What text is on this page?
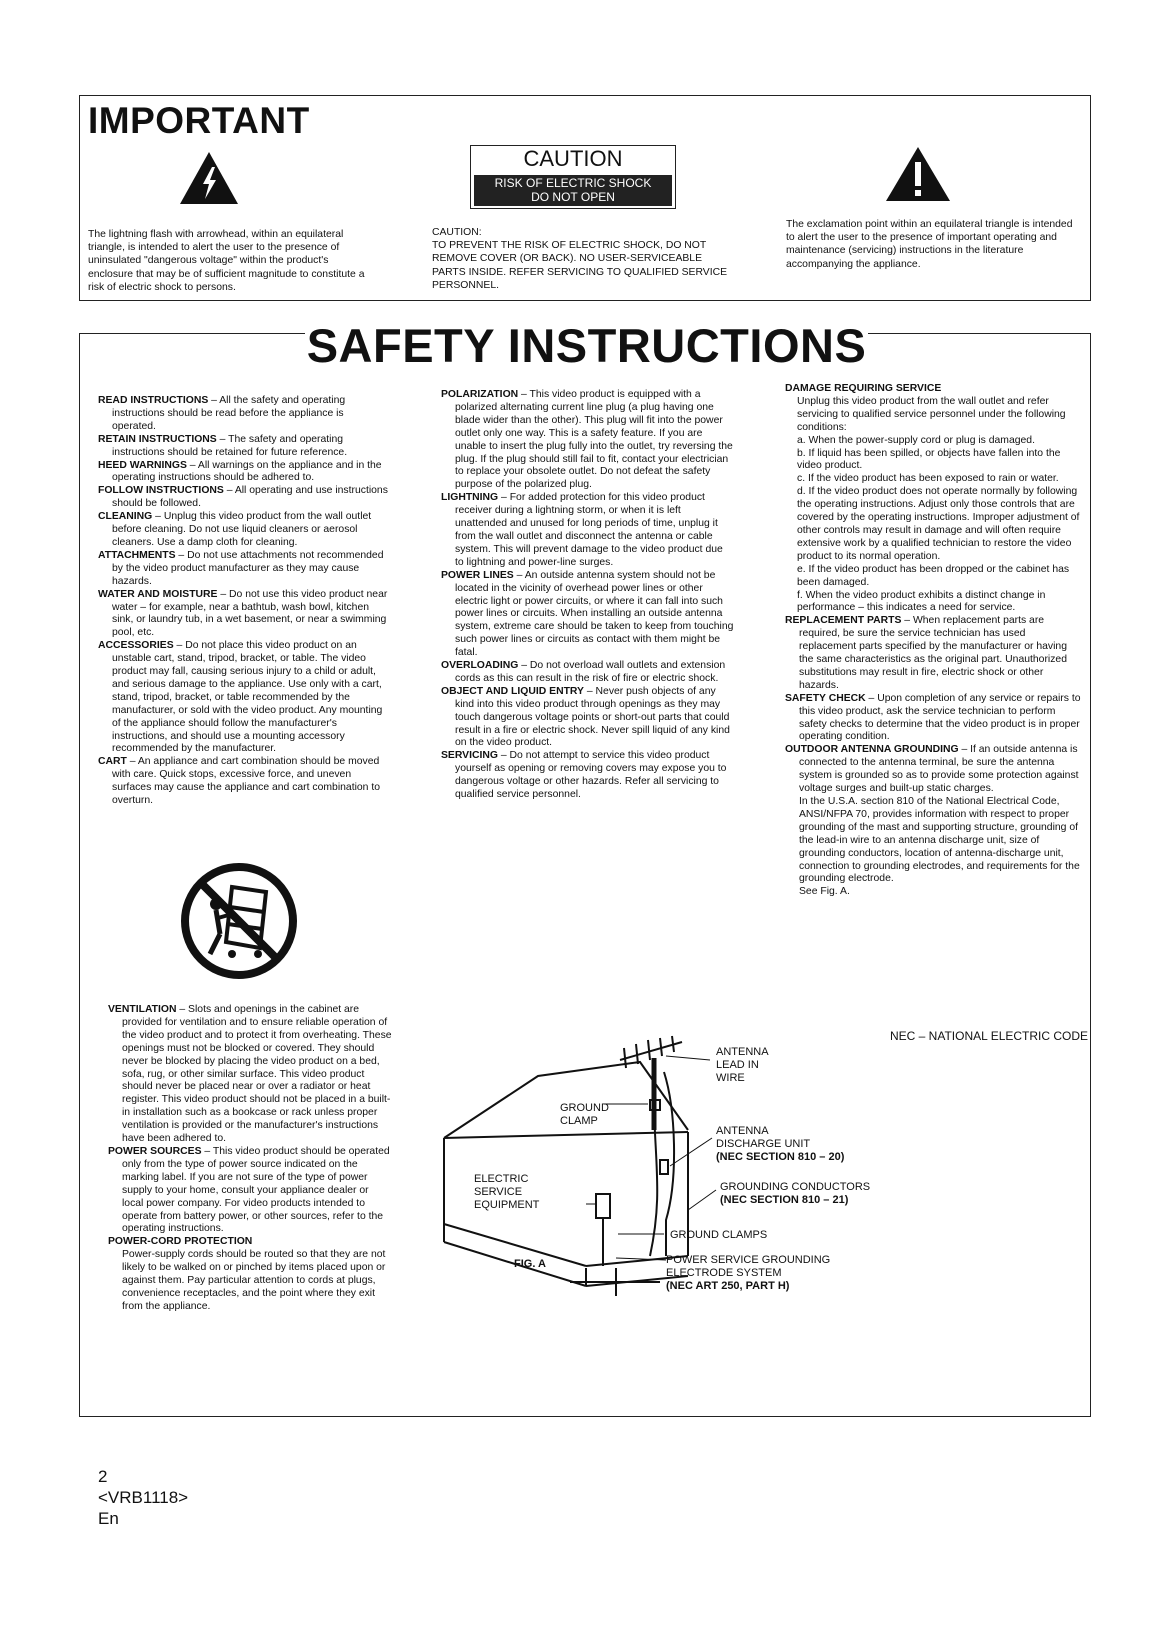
IMPORTANT
The lightning flash with arrowhead, within an equilateral triangle, is intended to alert the user to the presence of uninsulated "dangerous voltage" within the product's enclosure that may be of sufficient magnitude to constitute a risk of electric shock to persons.
CAUTION
RISK OF ELECTRIC SHOCK
DO NOT OPEN
CAUTION:
TO PREVENT THE RISK OF ELECTRIC SHOCK, DO NOT REMOVE COVER (OR BACK). NO USER-SERVICEABLE PARTS INSIDE. REFER SERVICING TO QUALIFIED SERVICE PERSONNEL.
The exclamation point within an equilateral triangle is intended to alert the user to the presence of important operating and maintenance (servicing) instructions in the literature accompanying the appliance.
SAFETY INSTRUCTIONS

READ INSTRUCTIONS – All the safety and operating instructions should be read before the appliance is operated.

RETAIN INSTRUCTIONS – The safety and operating instructions should be retained for future reference.

HEED WARNINGS – All warnings on the appliance and in the operating instructions should be adhered to.

FOLLOW INSTRUCTIONS – All operating and use instructions should be followed.

CLEANING – Unplug this video product from the wall outlet before cleaning. Do not use liquid cleaners or aerosol cleaners. Use a damp cloth for cleaning.

ATTACHMENTS – Do not use attachments not recommended by the video product manufacturer as they may cause hazards.

WATER AND MOISTURE – Do not use this video product near water – for example, near a bathtub, wash bowl, kitchen sink, or laundry tub, in a wet basement, or near a swimming pool, etc.

ACCESSORIES – Do not place this video product on an unstable cart, stand, tripod, bracket, or table. The video product may fall, causing serious injury to a child or adult, and serious damage to the appliance. Use only with a cart, stand, tripod, bracket, or table recommended by the manufacturer, or sold with the video product. Any mounting of the appliance should follow the manufacturer's instructions, and should use a mounting accessory recommended by the manufacturer.

CART – An appliance and cart combination should be moved with care. Quick stops, excessive force, and uneven surfaces may cause the appliance and cart combination to overturn.

VENTILATION – Slots and openings in the cabinet are provided for ventilation and to ensure reliable operation of the video product and to protect it from overheating. These openings must not be blocked or covered. They should never be blocked by placing the video product on a bed, sofa, rug, or other similar surface. This video product should never be placed near or over a radiator or heat register. This video product should not be placed in a built-in installation such as a bookcase or rack unless proper ventilation is provided or the manufacturer's instructions have been adhered to.

POWER SOURCES – This video product should be operated only from the type of power source indicated on the marking label. If you are not sure of the type of power supply to your home, consult your appliance dealer or local power company. For video products intended to operate from battery power, or other sources, refer to the operating instructions.

POWER-CORD PROTECTION

Power-supply cords should be routed so that they are not likely to be walked on or pinched by items placed upon or against them. Pay particular attention to cords at plugs, convenience receptacles, and the point where they exit from the appliance.

POLARIZATION – This video product is equipped with a polarized alternating current line plug (a plug having one blade wider than the other). This plug will fit into the power outlet only one way. This is a safety feature. If you are unable to insert the plug fully into the outlet, try reversing the plug. If the plug should still fail to fit, contact your electrician to replace your obsolete outlet. Do not defeat the safety purpose of the polarized plug.

LIGHTNING – For added protection for this video product receiver during a lightning storm, or when it is left unattended and unused for long periods of time, unplug it from the wall outlet and disconnect the antenna or cable system. This will prevent damage to the video product due to lightning and power-line surges.

POWER LINES – An outside antenna system should not be located in the vicinity of overhead power lines or other electric light or power circuits, or where it can fall into such power lines or circuits. When installing an outside antenna system, extreme care should be taken to keep from touching such power lines or circuits as contact with them might be fatal.

OVERLOADING – Do not overload wall outlets and extension cords as this can result in the risk of fire or electric shock.

OBJECT AND LIQUID ENTRY – Never push objects of any kind into this video product through openings as they may touch dangerous voltage points or short-out parts that could result in a fire or electric shock. Never spill liquid of any kind on the video product.

SERVICING – Do not attempt to service this video product yourself as opening or removing covers may expose you to dangerous voltage or other hazards. Refer all servicing to qualified service personnel.

DAMAGE REQUIRING SERVICE

Unplug this video product from the wall outlet and refer servicing to qualified service personnel under the following conditions:

a. When the power-supply cord or plug is damaged.

b. If liquid has been spilled, or objects have fallen into the video product.

c. If the video product has been exposed to rain or water.

d. If the video product does not operate normally by following the operating instructions. Adjust only those controls that are covered by the operating instructions. Improper adjustment of other controls may result in damage and will often require extensive work by a qualified technician to restore the video product to its normal operation.

e. If the video product has been dropped or the cabinet has been damaged.

f. When the video product exhibits a distinct change in performance – this indicates a need for service.

REPLACEMENT PARTS – When replacement parts are required, be sure the service technician has used replacement parts specified by the manufacturer or having the same characteristics as the original part. Unauthorized substitutions may result in fire, electric shock or other hazards.

SAFETY CHECK – Upon completion of any service or repairs to this video product, ask the service technician to perform safety checks to determine that the video product is in proper operating condition.

OUTDOOR ANTENNA GROUNDING – If an outside antenna is connected to the antenna terminal, be sure the antenna system is grounded so as to provide some protection against voltage surges and built-up static charges.

In the U.S.A. section 810 of the National Electrical Code, ANSI/NFPA 70, provides information with respect to proper grounding of the mast and supporting structure, grounding of the lead-in wire to an antenna discharge unit, size of grounding conductors, location of antenna-discharge unit, connection to grounding electrodes, and requirements for the grounding electrode.

See Fig. A.

ANTENNA
LEAD IN
WIRE
GROUND
CLAMP
ANTENNA
DISCHARGE UNIT
(NEC SECTION 810 – 20)
ELECTRIC
SERVICE
EQUIPMENT
GROUNDING CONDUCTORS
(NEC SECTION 810 – 21)
GROUND CLAMPS
POWER SERVICE GROUNDING
ELECTRODE SYSTEM
(NEC ART 250, PART H)
FIG. A
NEC – NATIONAL ELECTRIC CODE
2
<VRB1118>
En
